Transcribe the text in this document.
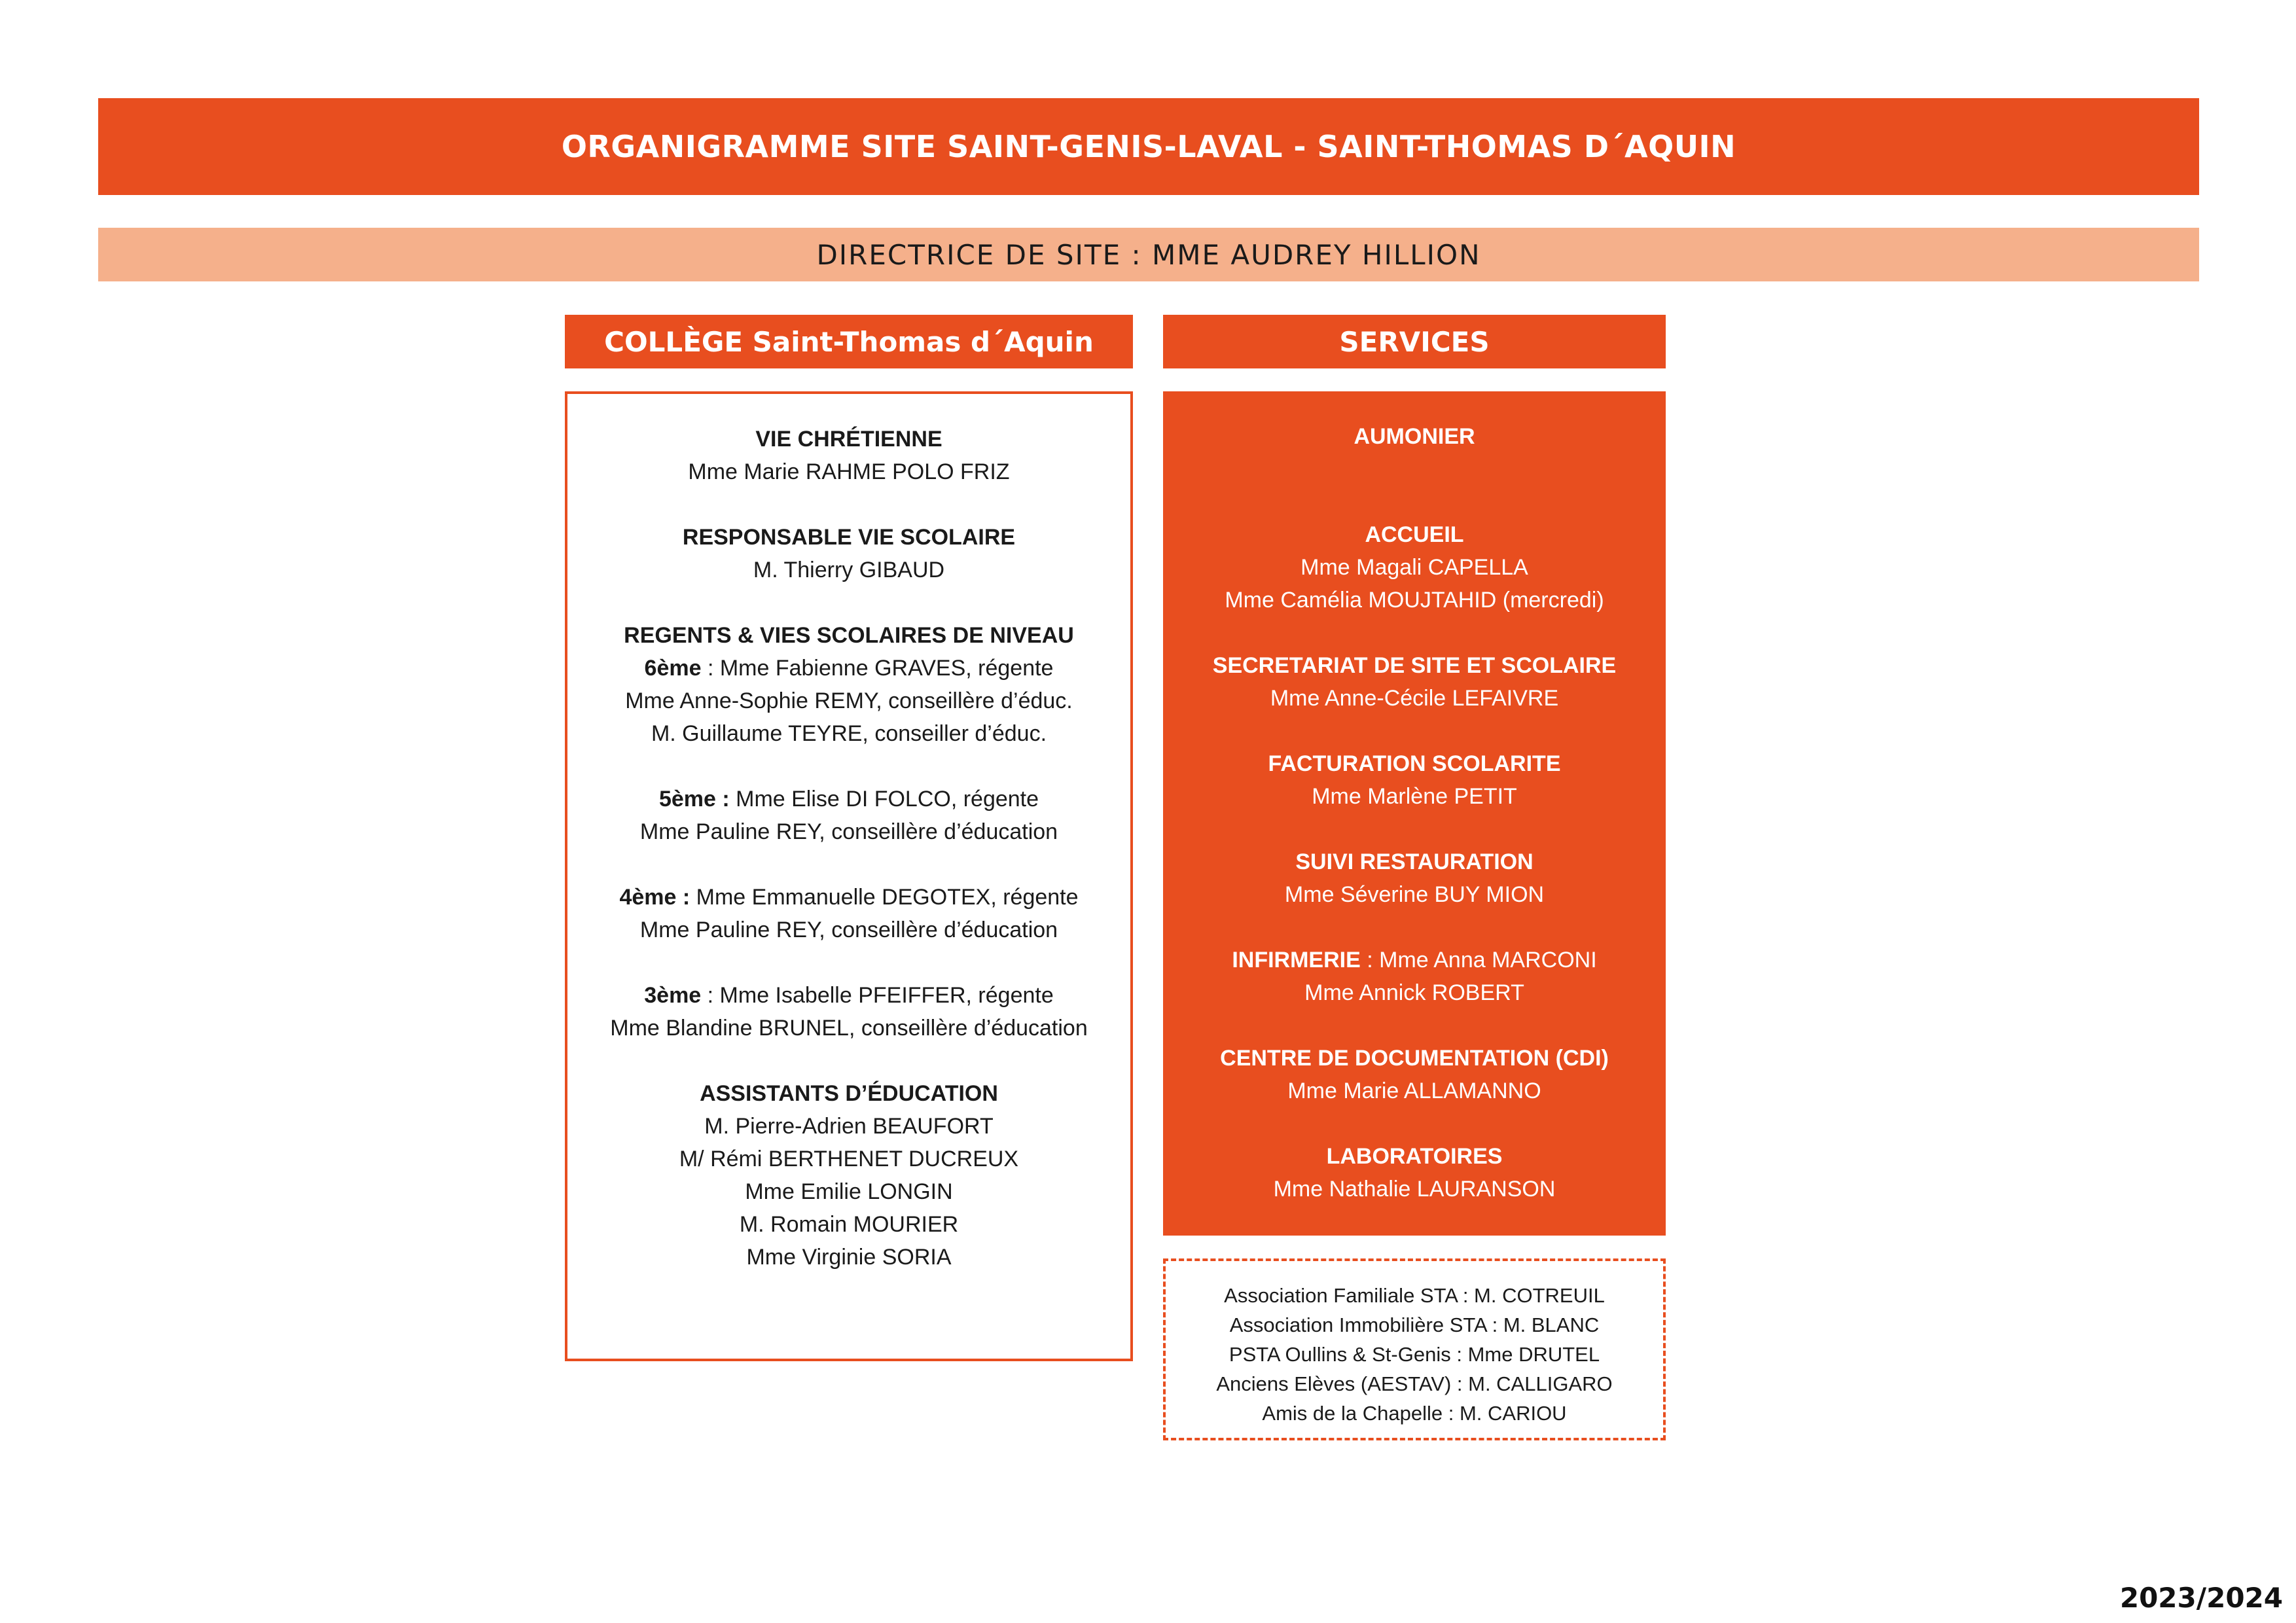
ORGANIGRAMME SITE SAINT-GENIS-LAVAL - SAINT-THOMAS D´AQUIN
DIRECTRICE DE SITE : MME AUDREY HILLION
COLLÈGE Saint-Thomas d´Aquin	SERVICES
VIE CHRÉTIENNE
Mme Marie RAHME POLO FRIZ
RESPONSABLE VIE SCOLAIRE
M. Thierry GIBAUD
REGENTS & VIES SCOLAIRES DE NIVEAU
6ème : Mme Fabienne GRAVES, régente
Mme Anne-Sophie REMY, conseillère d’éduc.
M. Guillaume TEYRE, conseiller d’éduc.
5ème : Mme Elise DI FOLCO, régente
Mme Pauline REY, conseillère d’éducation
4ème : Mme Emmanuelle DEGOTEX, régente
Mme Pauline REY, conseillère d’éducation
3ème : Mme Isabelle PFEIFFER, régente
Mme Blandine BRUNEL, conseillère d’éducation
ASSISTANTS D’ÉDUCATION
M. Pierre-Adrien BEAUFORT
M/ Rémi BERTHENET DUCREUX
Mme Emilie LONGIN
M. Romain MOURIER
Mme Virginie SORIA
AUMONIER
ACCUEIL
Mme Magali CAPELLA
Mme Camélia MOUJTAHID (mercredi)
SECRETARIAT DE SITE ET SCOLAIRE
Mme Anne-Cécile LEFAIVRE
FACTURATION SCOLARITE
Mme Marlène PETIT
SUIVI RESTAURATION
Mme Séverine BUY MION
INFIRMERIE : Mme Anna MARCONI
Mme Annick ROBERT
CENTRE DE DOCUMENTATION (CDI)
Mme Marie ALLAMANNO
LABORATOIRES
Mme Nathalie LAURANSON
Association Familiale STA : M. COTREUIL
Association Immobilière STA : M. BLANC
PSTA Oullins & St-Genis : Mme DRUTEL
Anciens Elèves (AESTAV) : M. CALLIGARO
Amis de la Chapelle : M. CARIOU
2023/2024
